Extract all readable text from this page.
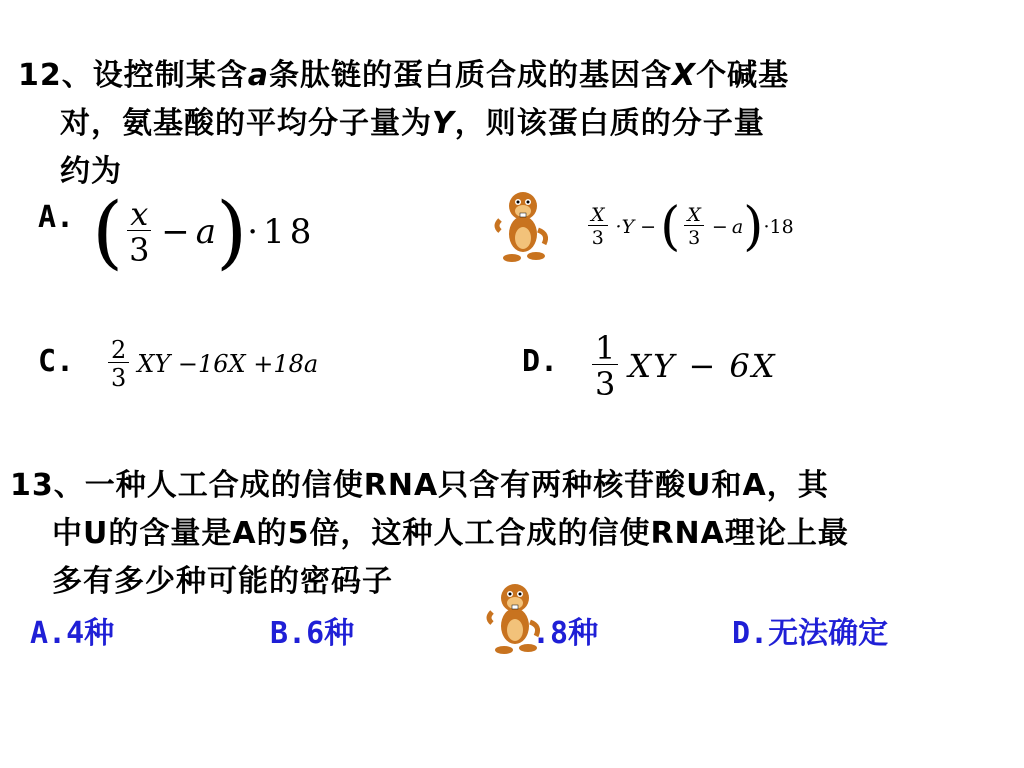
12、设控制某含a条肽链的蛋白质合成的基因含X个碱基
对，氨基酸的平均分子量为Y，则该蛋白质的分子量
约为
A. ( $\frac{x}{3} - a$ ) ·18	$\frac{X}{3} \cdot Y$ − ( $\frac{X}{3} - a$ ) ·18
C. $\frac{2}{3}$ XY −16X +18a	D. $\frac{1}{3}$ XY − 6X
13、一种人工合成的信使RNA只含有两种核苷酸U和A，其
中U的含量是A的5倍，这种人工合成的信使RNA理论上最
多有多少种可能的密码子
A.4种	B.6种	.8种	D.无法确定
